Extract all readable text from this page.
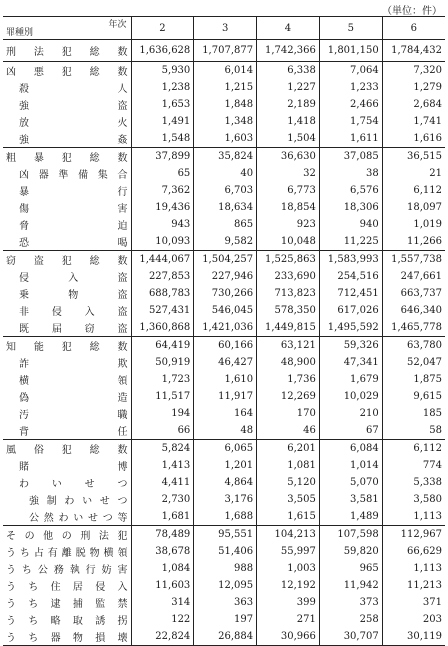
（単位：件）
年次
罪種別	2	3	4	5	6
刑 法 犯 総 数	1,636,628	1,707,877	1,742,366	1,801,150	1,784,432
凶 悪 犯 総 数	5,930	6,014	6,338	7,064	7,320
殺 人	1,238	1,215	1,227	1,233	1,279
強 盗	1,653	1,848	2,189	2,466	2,684
放 火	1,491	1,348	1,418	1,754	1,741
強 姦	1,548	1,603	1,504	1,611	1,616
粗 暴 犯 総 数	37,899	35,824	36,630	37,085	36,515
凶器準備集合	65	40	32	38	21
暴 行	7,362	6,703	6,773	6,576	6,112
傷 害	19,436	18,634	18,854	18,306	18,097
脅 迫	943	865	923	940	1,019
恐 喝	10,093	9,582	10,048	11,225	11,266
窃 盗 犯 総 数	1,444,067	1,504,257	1,525,863	1,583,993	1,557,738
侵 入 盗	227,853	227,946	233,690	254,516	247,661
乗 物 盗	688,783	730,266	713,823	712,451	663,737
非 侵 入 盗	527,431	546,045	578,350	617,026	646,340
既 届 窃 盗	1,360,868	1,421,036	1,449,815	1,495,592	1,465,778
知 能 犯 総 数	64,419	60,166	63,121	59,326	63,780
詐 欺	50,919	46,427	48,900	47,341	52,047
横 領	1,723	1,610	1,736	1,679	1,875
偽 造	11,517	11,917	12,269	10,029	9,615
汚 職	194	164	170	210	185
背 任	66	48	46	67	58
風 俗 犯 総 数	5,824	6,065	6,201	6,084	6,112
賭 博	1,413	1,201	1,081	1,014	774
わ い せ つ	4,411	4,864	5,120	5,070	5,338
強制わいせつ	2,730	3,176	3,505	3,581	3,580
公然わいせつ等	1,681	1,688	1,615	1,489	1,113
そ の 他 の 刑 法 犯	78,489	95,551	104,213	107,598	112,967
うち占有離脱物横領	38,678	51,406	55,997	59,820	66,629
うち公務執行妨害	1,084	988	1,003	965	1,113
う ち 住 居 侵 入	11,603	12,095	12,192	11,942	11,213
う ち 逮 捕 監 禁	314	363	399	373	371
う ち 略 取 誘 拐	122	197	271	258	203
う ち 器 物 損 壊	22,824	26,884	30,966	30,707	30,119
